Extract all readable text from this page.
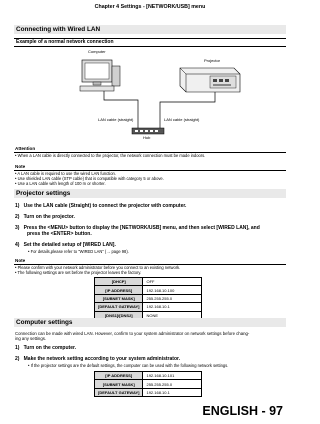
Chapter 4 Settings - [NETWORK/USB] menu
Connecting with Wired LAN
Example of a normal network connection
Computer
Projector
LAN cable (straight)	LAN cable (straight)
Hub
Attention
• When a LAN cable is directly connected to the projector, the network connection must be made indoors.
Note
• A LAN cable is required to use the wired LAN function.
• Use shielded LAN cable (STP cable) that is compatible with category 5 or above.
• Use a LAN cable with length of 100 m or shorter.
Projector settings
1) Use the LAN cable (Straight) to connect the projector with computer.
2) Turn on the projector.
3) Press the <MENU> button to display the [NETWORK/USB] menu, and then select [WIRED LAN], and
press the <ENTER> button.
4) Set the detailed setup of [WIRED LAN].
• For details,please refer to "WIRED LAN" (→ page 98).
Note
• Please confirm with your network administrator before you connect to an existing network.
• The following settings are set before the projector leaves the factory.
[DHCP]	OFF
[IP ADDRESS]	192.168.10.100
[SUBNET MASK]	255.255.255.0
[DEFAULT GATEWAY]	192.168.10.1
[DNS1]/[DNS2]	NONE
Computer settings
Connection can be made with wired LAN. However, confirm to your system administrator on network settings before chang-
ing any settings.
1) Turn on the computer.
2) Make the network setting according to your system administrator.
• If the projector settings are the default settings, the computer can be used with the following network settings.
[IP ADDRESS]	192.168.10.101
[SUBNET MASK]	255.255.255.0
[DEFAULT GATEWAY]	192.168.10.1
ENGLISH - 97
